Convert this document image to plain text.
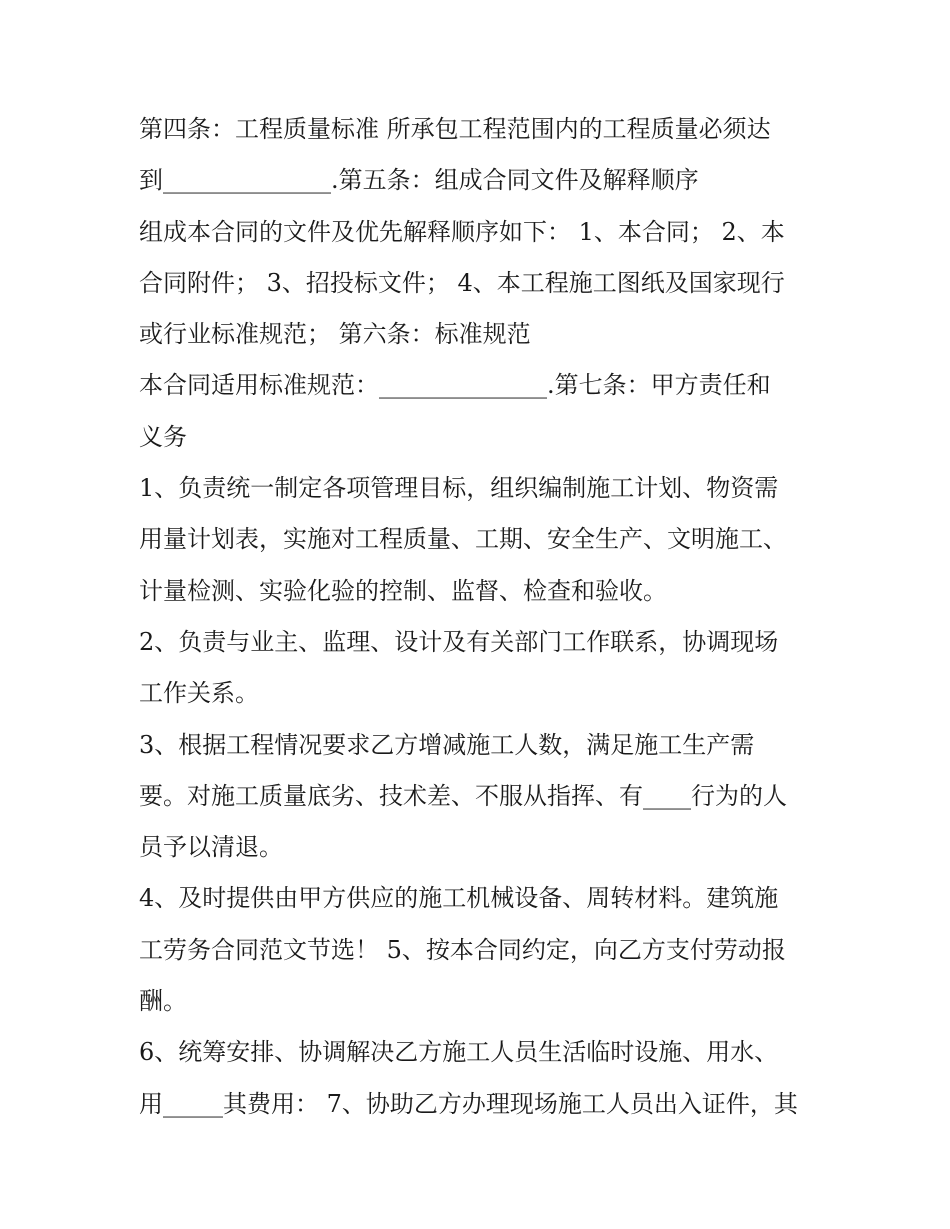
第四条：工程质量标准 所承包工程范围内的工程质量必须达
到______________.第五条：组成合同文件及解释顺序
组成本合同的文件及优先解释顺序如下： 1、本合同； 2、本
合同附件； 3、招投标文件； 4、本工程施工图纸及国家现行
或行业标准规范； 第六条：标准规范
本合同适用标准规范：______________.第七条：甲方责任和
义务
1、负责统一制定各项管理目标，组织编制施工计划、物资需
用量计划表，实施对工程质量、工期、安全生产、文明施工、
计量检测、实验化验的控制、监督、检查和验收。
2、负责与业主、监理、设计及有关部门工作联系，协调现场
工作关系。
3、根据工程情况要求乙方增减施工人数，满足施工生产需
要。对施工质量底劣、技术差、不服从指挥、有____行为的人
员予以清退。
4、及时提供由甲方供应的施工机械设备、周转材料。建筑施
工劳务合同范文节选！ 5、按本合同约定，向乙方支付劳动报
酬。
6、统筹安排、协调解决乙方施工人员生活临时设施、用水、
用_____其费用： 7、协助乙方办理现场施工人员出入证件，其
